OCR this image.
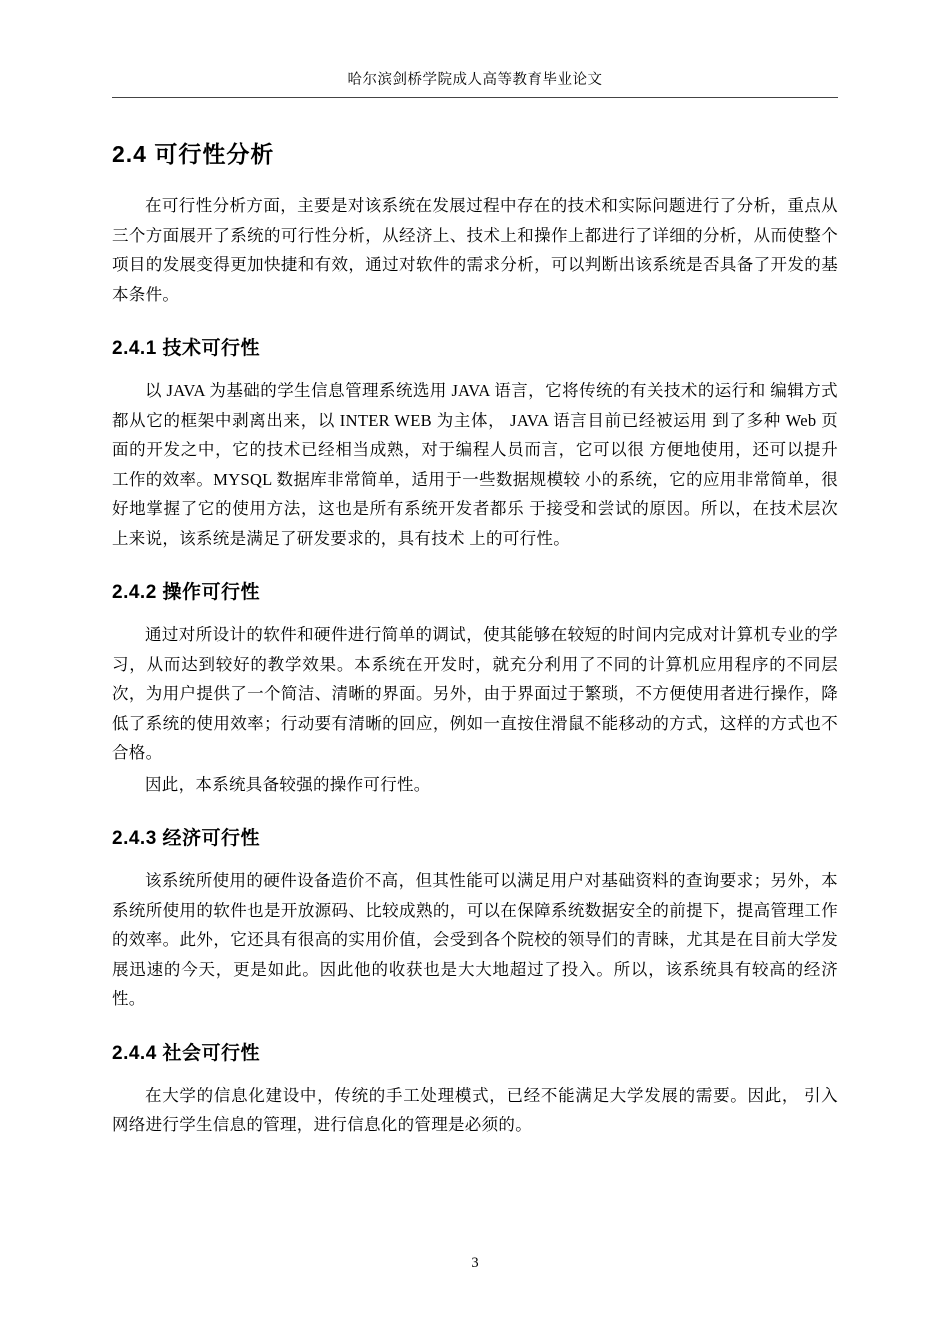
哈尔滨剑桥学院成人高等教育毕业论文
2.4 可行性分析

在可行性分析方面，主要是对该系统在发展过程中存在的技术和实际问题进行了分析，重点从三个方面展开了系统的可行性分析，从经济上、技术上和操作上都进行了详细的分析，从而使整个项目的发展变得更加快捷和有效，通过对软件的需求分析，可以判断出该系统是否具备了开发的基本条件。

2.4.1 技术可行性

以 JAVA 为基础的学生信息管理系统选用 JAVA 语言，它将传统的有关技术的运行和 编辑方式都从它的框架中剥离出来，以 INTER WEB 为主体， JAVA 语言目前已经被运用 到了多种 Web 页面的开发之中，它的技术已经相当成熟，对于编程人员而言，它可以很 方便地使用，还可以提升工作的效率。MYSQL 数据库非常简单，适用于一些数据规模较 小的系统，它的应用非常简单，很好地掌握了它的使用方法，这也是所有系统开发者都乐 于接受和尝试的原因。所以，在技术层次上来说，该系统是满足了研发要求的，具有技术 上的可行性。

2.4.2 操作可行性

通过对所设计的软件和硬件进行简单的调试，使其能够在较短的时间内完成对计算机专业的学习，从而达到较好的教学效果。本系统在开发时，就充分利用了不同的计算机应用程序的不同层次，为用户提供了一个简洁、清晰的界面。另外，由于界面过于繁琐，不方便使用者进行操作，降低了系统的使用效率；行动要有清晰的回应，例如一直按住滑鼠不能移动的方式，这样的方式也不合格。

因此，本系统具备较强的操作可行性。

2.4.3 经济可行性

该系统所使用的硬件设备造价不高，但其性能可以满足用户对基础资料的查询要求；另外，本系统所使用的软件也是开放源码、比较成熟的，可以在保障系统数据安全的前提下，提高管理工作的效率。此外，它还具有很高的实用价值，会受到各个院校的领导们的青睐，尤其是在目前大学发展迅速的今天，更是如此。因此他的收获也是大大地超过了投入。所以，该系统具有较高的经济性。

2.4.4 社会可行性

在大学的信息化建设中，传统的手工处理模式，已经不能满足大学发展的需要。因此， 引入网络进行学生信息的管理，进行信息化的管理是必须的。

3
